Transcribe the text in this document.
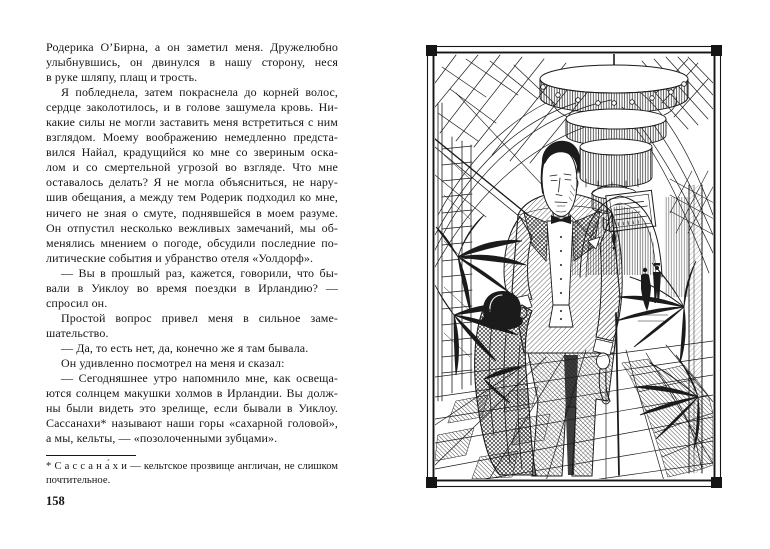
Родерика О’Бирна, а он заметил меня. Дружелюбно
улыбнувшись, он двинулся в нашу сторону, неся
в руке шляпу, плащ и трость.
Я побледнела, затем покраснела до корней волос,
сердце заколотилось, и в голове зашумела кровь. Ни-
какие силы не могли заставить меня встретиться с ним
взглядом. Моему воображению немедленно предста-
вился Найал, крадущийся ко мне со звериным оска-
лом и со смертельной угрозой во взгляде. Что мне
оставалось делать? Я не могла объясниться, не нару-
шив обещания, а между тем Родерик подходил ко мне,
ничего не зная о смуте, поднявшейся в моем разуме.
Он отпустил несколько вежливых замечаний, мы об-
менялись мнением о погоде, обсудили последние по-
литические события и убранство отеля «Уолдорф».
— Вы в прошлый раз, кажется, говорили, что бы-
вали в Уиклоу во время поездки в Ирландию? —
спросил он.
Простой вопрос привел меня в сильное заме-
шательство.
— Да, то есть нет, да, конечно же я там бывала.
Он удивленно посмотрел на меня и сказал:
— Сегодняшнее утро напомнило мне, как освеща-
ются солнцем макушки холмов в Ирландии. Вы долж-
ны были видеть это зрелище, если бывали в Уиклоу.
Сассанахи* называют наши горы «сахарной головой»,
а мы, кельты, — «позолоченными зубцами».
* С а с с а н а́ х и — кельтское прозвище англичан, не слишком
почтительное.
158
